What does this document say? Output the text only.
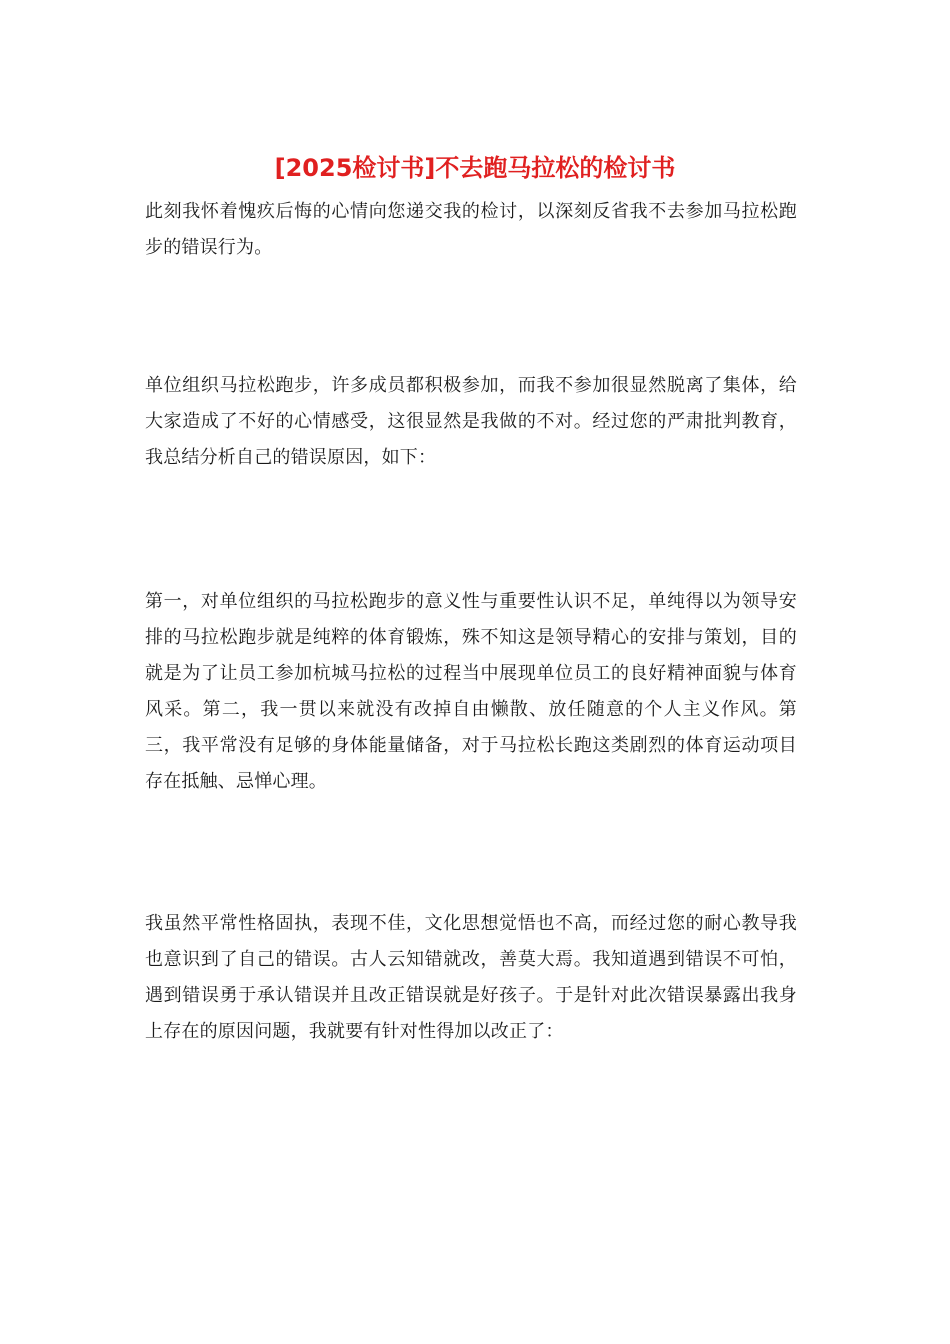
[2025检讨书]不去跑马拉松的检讨书

此刻我怀着愧疚后悔的心情向您递交我的检讨，以深刻反省我不去参加马拉松跑步的错误行为。

单位组织马拉松跑步，许多成员都积极参加，而我不参加很显然脱离了集体，给大家造成了不好的心情感受，这很显然是我做的不对。经过您的严肃批判教育，我总结分析自己的错误原因，如下：

第一，对单位组织的马拉松跑步的意义性与重要性认识不足，单纯得以为领导安排的马拉松跑步就是纯粹的体育锻炼，殊不知这是领导精心的安排与策划，目的就是为了让员工参加杭城马拉松的过程当中展现单位员工的良好精神面貌与体育风采。第二，我一贯以来就没有改掉自由懒散、放任随意的个人主义作风。第三，我平常没有足够的身体能量储备，对于马拉松长跑这类剧烈的体育运动项目存在抵触、忌惮心理。

我虽然平常性格固执，表现不佳，文化思想觉悟也不高，而经过您的耐心教导我也意识到了自己的错误。古人云知错就改，善莫大焉。我知道遇到错误不可怕，遇到错误勇于承认错误并且改正错误就是好孩子。于是针对此次错误暴露出我身上存在的原因问题，我就要有针对性得加以改正了：
